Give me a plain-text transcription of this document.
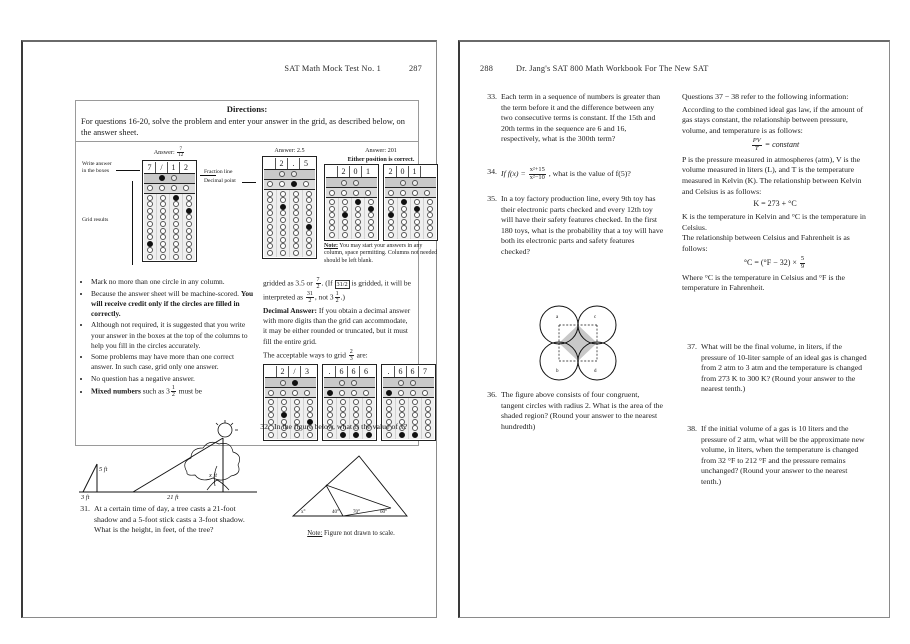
SAT Math Mock Test No. 1	287
Directions:
For questions 16-20, solve the problem and enter your answer in the grid, as described below, on the answer sheet.
Write answer
in the boxes
Answer: $\frac{7}{12}$
7	/	1	2
Fraction line
Decimal point
Grid results
Answer: 2.5
2	.	5
Answer: 201
Either position is correct.
2	0	1	2	0	1
Note: You may start your answers in any column, space permitting. Columns not needed should be left blank.
• Mark no more than one circle in any column.
• Because the answer sheet will be machine-scored. You will receive credit only if the circles are filled in correctly.
• Although not required, it is suggested that you write your answer in the boxes at the top of the columns to help you fill in the circles accurately.
• Some problems may have more than one correct answer. In such case, grid only one answer.
• No question has a negative answer.
• Mixed numbers such as $3 \frac{1}{2}$ must be

gridded as 3.5 or $\frac{7}{2}$ . (If 31/2 is gridded, it will be interpreted as $\frac{31}{2}$ , not $3 \frac{1}{2}$ .)

Decimal Answer: If you obtain a decimal answer with more digits than the grid can accommodate, it may be either rounded or truncated, but it must fill the entire grid.

The acceptable ways to grid $\frac{2}{3}$ are:

2	/	3	.	6	6	6	.	6	6	7
5 ft
3 ft	21 ft
x ft
31. At a certain time of day, a tree casts a 21-foot shadow and a 5-foot stick casts a 3-foot shadow. What is the height, in feet, of the tree?
32. In the figure below, what is the value of x?
x°	40°	70°	60°
Note: Figure not drawn to scale.
288	Dr. Jang's SAT 800 Math Workbook For The New SAT
33. Each term in a sequence of numbers is greater than the term before it and the difference between any two consecutive terms is constant. If the 15th and 20th terms in the sequence are 6 and 16, respectively, what is the 300th term?
34. If $f(x) = \frac{\text{x²+15}}{\text{x²−10}}$ , what is the value of f(5)?
35. In a toy factory production line, every 9th toy has their electronic parts checked and every 12th toy will have their safety features checked. In the first 180 toys, what is the probability that a toy will have both its electronic parts and safety features checked?
a	c
b	d
36. The figure above consists of four congruent, tangent circles with radius 2. What is the area of the shaded region? (Round your answer to the nearest hundredth)
Questions 37 − 38 refer to the following information:
According to the combined ideal gas law, if the amount of gas stays constant, the relationship between pressure, volume, and temperature is as follows:
$\frac{PV}{T}$ = constant
P is the pressure measured in atmospheres (atm), V is the volume measured in liters (L), and T is the temperature measured in Kelvin (K). The relationship between Kelvin and Celsius is as follows:
K = 273 + °C
K is the temperature in Kelvin and °C is the temperature in Celsius.
The relationship between Celsius and Fahrenheit is as follows:
$^\circ C = (^\circ F - 32) \times \frac{5}{9}$
Where °C is the temperature in Celsius and °F is the temperature in Fahrenheit.
37. What will be the final volume, in liters, if the pressure of 10-liter sample of an ideal gas is changed from 2 atm to 3 atm and the temperature is changed from 273 K to 300 K? (Round your answer to the nearest tenth.)
38. If the initial volume of a gas is 10 liters and the pressure of 2 atm, what will be the approximate new volume, in liters, when the temperature is changed from 32 °F to 212 °F and the pressure remains unchanged? (Round your answer to the nearest tenth.)
